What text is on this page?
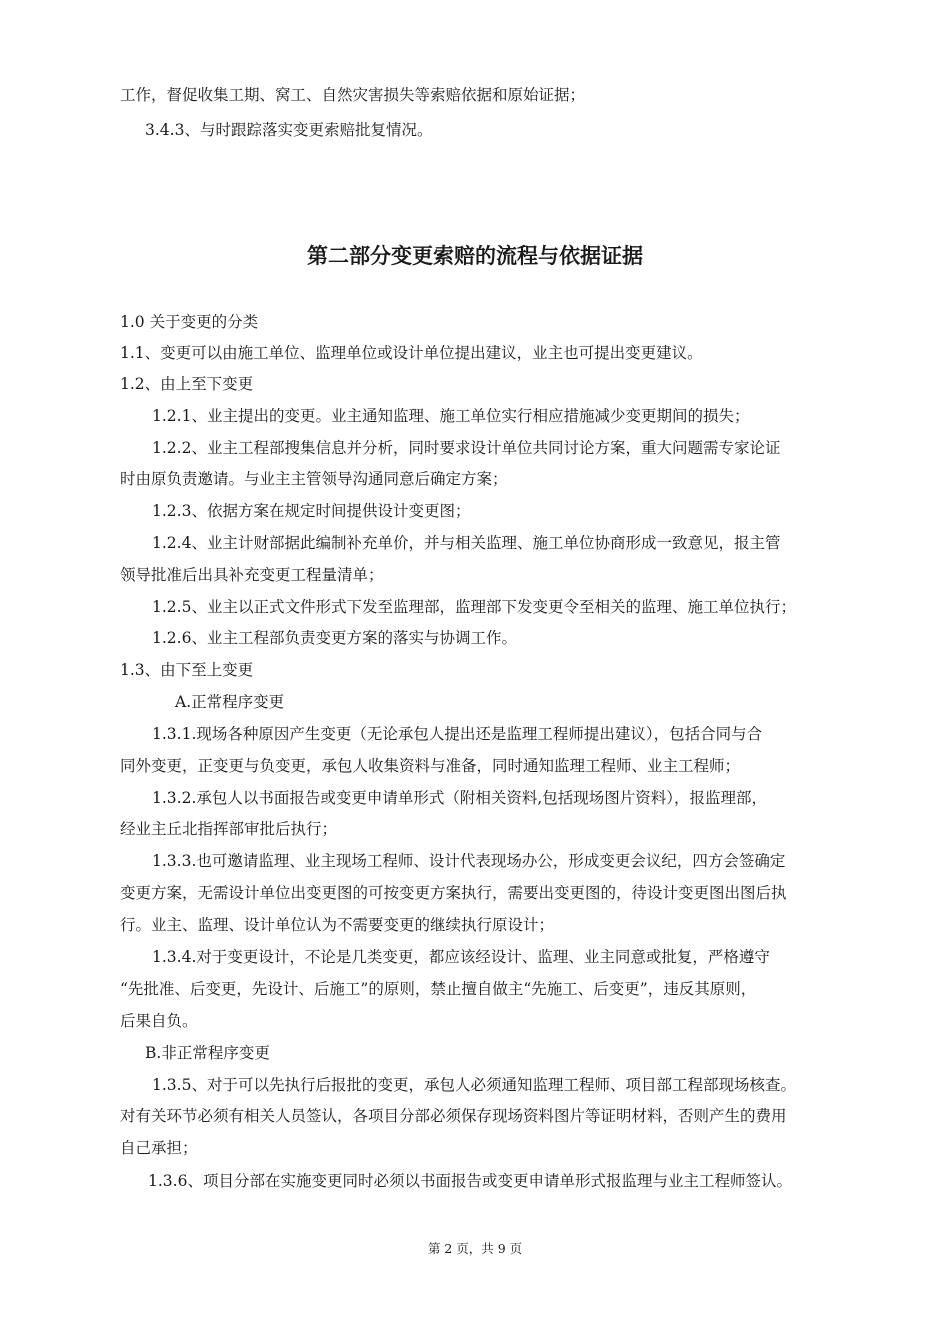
工作，督促收集工期、窝工、自然灾害损失等索赔依据和原始证据；
3.4.3、与时跟踪落实变更索赔批复情况。
第二部分变更索赔的流程与依据证据
1.0 关于变更的分类
1.1、变更可以由施工单位、监理单位或设计单位提出建议，业主也可提出变更建议。
1.2、由上至下变更
1.2.1、业主提出的变更。业主通知监理、施工单位实行相应措施减少变更期间的损失；
1.2.2、业主工程部搜集信息并分析，同时要求设计单位共同讨论方案，重大问题需专家论证
时由原负责邀请。与业主主管领导沟通同意后确定方案；
1.2.3、依据方案在规定时间提供设计变更图；
1.2.4、业主计财部据此编制补充单价，并与相关监理、施工单位协商形成一致意见，报主管
领导批准后出具补充变更工程量清单；
1.2.5、业主以正式文件形式下发至监理部，监理部下发变更令至相关的监理、施工单位执行；
1.2.6、业主工程部负责变更方案的落实与协调工作。
1.3、由下至上变更
A.正常程序变更
1.3.1.现场各种原因产生变更（无论承包人提出还是监理工程师提出建议），包括合同与合
同外变更，正变更与负变更，承包人收集资料与准备，同时通知监理工程师、业主工程师；
1.3.2.承包人以书面报告或变更申请单形式（附相关资料,包括现场图片资料），报监理部，
经业主丘北指挥部审批后执行；
1.3.3.也可邀请监理、业主现场工程师、设计代表现场办公，形成变更会议纪，四方会签确定
变更方案，无需设计单位出变更图的可按变更方案执行，需要出变更图的，待设计变更图出图后执
行。业主、监理、设计单位认为不需要变更的继续执行原设计；
1.3.4.对于变更设计，不论是几类变更，都应该经设计、监理、业主同意或批复，严格遵守
“先批准、后变更，先设计、后施工”的原则，禁止擅自做主“先施工、后变更”，违反其原则，
后果自负。
B.非正常程序变更
1.3.5、对于可以先执行后报批的变更，承包人必须通知监理工程师、项目部工程部现场核查。
对有关环节必须有相关人员签认，各项目分部必须保存现场资料图片等证明材料，否则产生的费用
自己承担；
1.3.6、项目分部在实施变更同时必须以书面报告或变更申请单形式报监理与业主工程师签认。
第 2 页，共 9 页
